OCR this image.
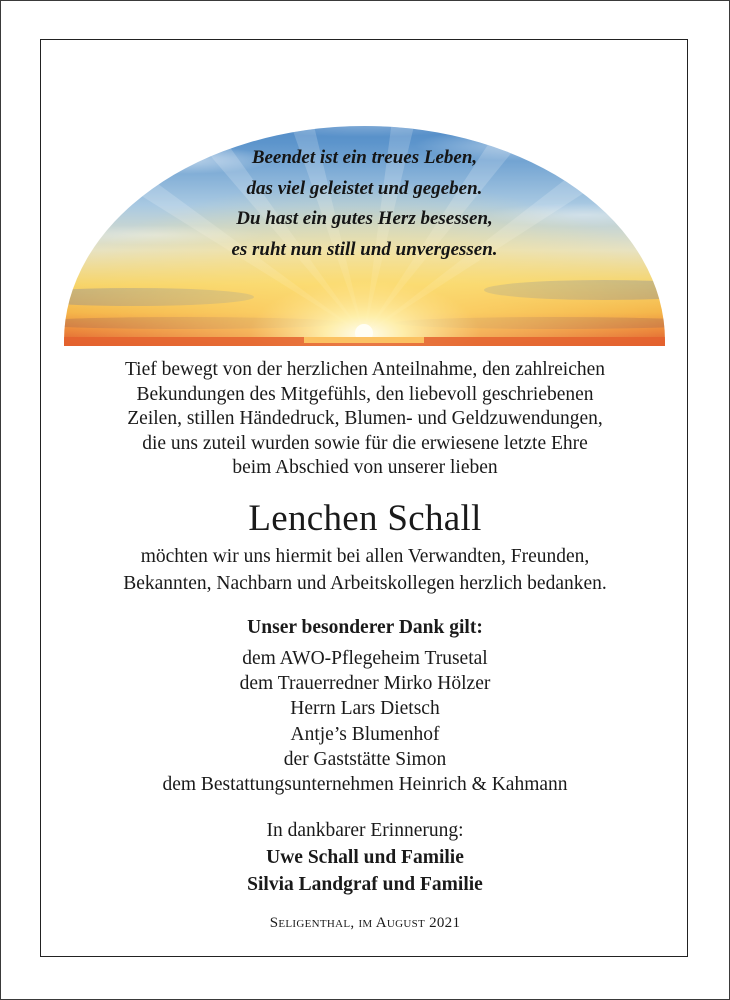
Beendet ist ein treues Leben,
das viel geleistet und gegeben.
Du hast ein gutes Herz besessen,
es ruht nun still und unvergessen.
Tief bewegt von der herzlichen Anteilnahme, den zahlreichen
Bekundungen des Mitgefühls, den liebevoll geschriebenen
Zeilen, stillen Händedruck, Blumen- und Geldzuwendungen,
die uns zuteil wurden sowie für die erwiesene letzte Ehre
beim Abschied von unserer lieben
Lenchen Schall
möchten wir uns hiermit bei allen Verwandten, Freunden,
Bekannten, Nachbarn und Arbeitskollegen herzlich bedanken.
Unser besonderer Dank gilt:
dem AWO-Pflegeheim Trusetal
dem Trauerredner Mirko Hölzer
Herrn Lars Dietsch
Antje’s Blumenhof
der Gaststätte Simon
dem Bestattungsunternehmen Heinrich & Kahmann
In dankbarer Erinnerung:
Uwe Schall und Familie
Silvia Landgraf und Familie
Seligenthal, im August 2021
